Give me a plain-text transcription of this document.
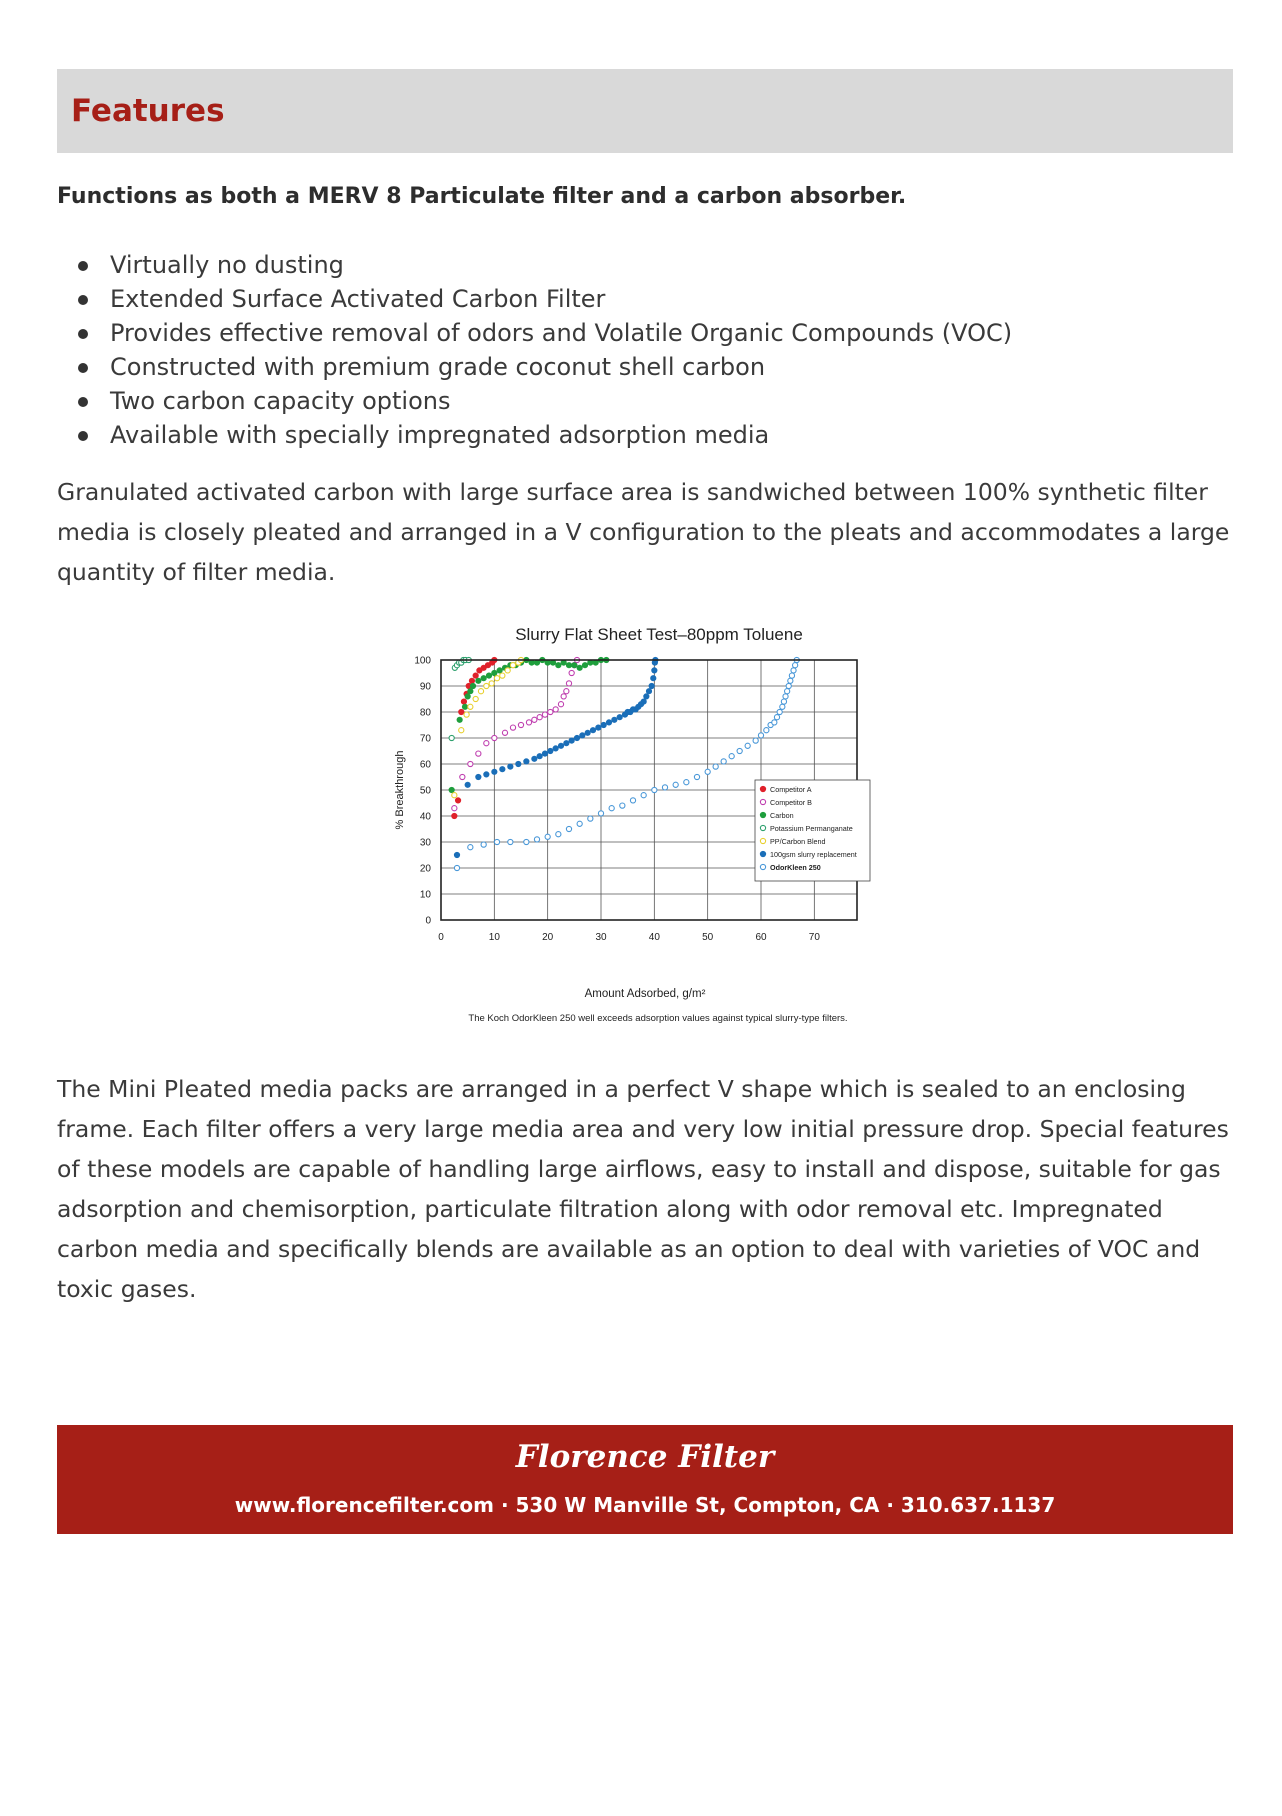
Features
Functions as both a MERV 8 Particulate filter and a carbon absorber.
Virtually no dusting
Extended Surface Activated Carbon Filter
Provides effective removal of odors and Volatile Organic Compounds (VOC)
Constructed with premium grade coconut shell carbon
Two carbon capacity options
Available with specially impregnated adsorption media

Granulated activated carbon with large surface area is sandwiched between 100% synthetic filter media is closely pleated and arranged in a V configuration to the pleats and accommodates a large quantity of filter media.

Slurry Flat Sheet Test–80ppm Toluene
0
10
20
30
40
50
60
70
80
90
100
0	10	20	30	40	50	60	70
Competitor A
Competitor B
Carbon
Potassium Permanganate
PP/Carbon Blend
100gsm slurry replacement
OdorKleen 250
% Breakthrough
Amount Adsorbed, g/m²
The Koch OdorKleen 250 well exceeds adsorption values against typical slurry-type filters.

The Mini Pleated media packs are arranged in a perfect V shape which is sealed to an enclosing frame. Each filter offers a very large media area and very low initial pressure drop. Special features of these models are capable of handling large airflows, easy to install and dispose, suitable for gas adsorption and chemisorption, particulate filtration along with odor removal etc. Impregnated carbon media and specifically blends are available as an option to deal with varieties of VOC and toxic gases.

Florence Filter
www.florencefilter.com · 530 W Manville St, Compton, CA · 310.637.1137
